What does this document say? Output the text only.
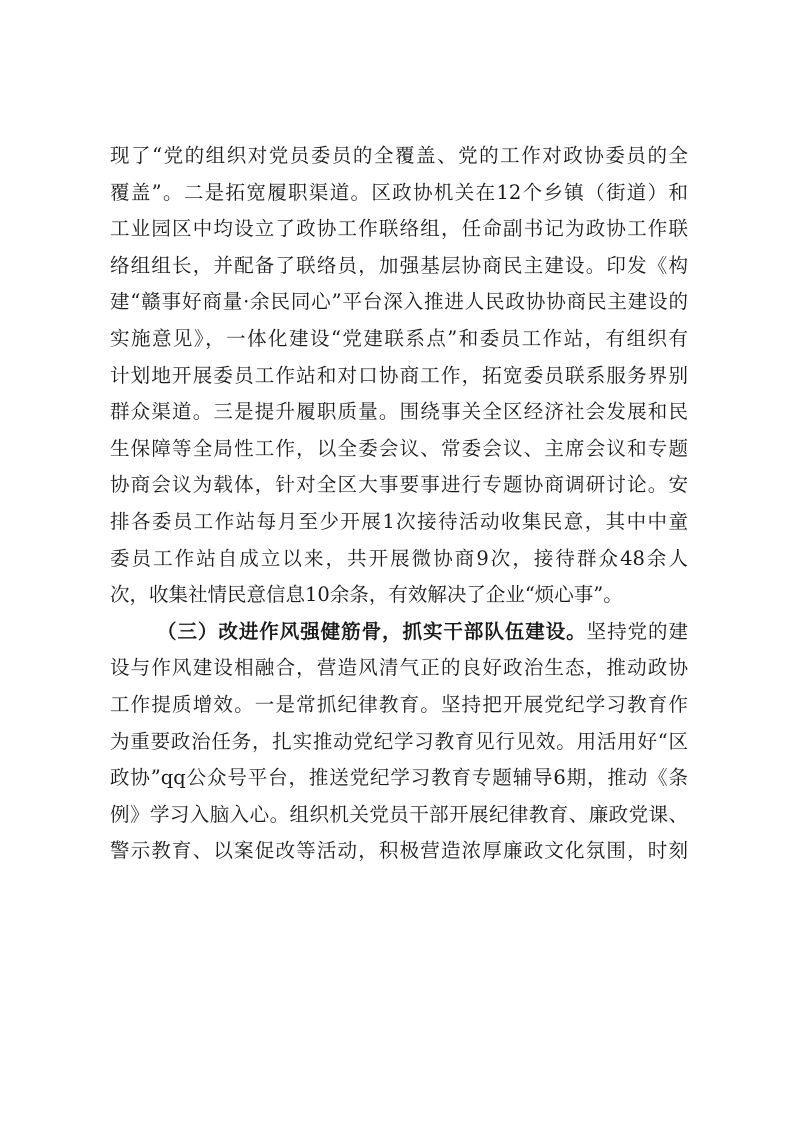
现了“党的组织对党员委员的全覆盖、党的工作对政协委员的全
覆盖”。二是拓宽履职渠道。区政协机关在12个乡镇（街道）和
工业园区中均设立了政协工作联络组，任命副书记为政协工作联
络组组长，并配备了联络员，加强基层协商民主建设。印发《构
建“赣事好商量·余民同心”平台深入推进人民政协协商民主建设的
实施意见》，一体化建设“党建联系点”和委员工作站，有组织有
计划地开展委员工作站和对口协商工作，拓宽委员联系服务界别
群众渠道。三是提升履职质量。围绕事关全区经济社会发展和民
生保障等全局性工作，以全委会议、常委会议、主席会议和专题
协商会议为载体，针对全区大事要事进行专题协商调研讨论。安
排各委员工作站每月至少开展1次接待活动收集民意，其中中童
委员工作站自成立以来，共开展微协商9次，接待群众48余人
次，收集社情民意信息10余条，有效解决了企业“烦心事”。
（三）改进作风强健筋骨，抓实干部队伍建设。坚持党的建
设与作风建设相融合，营造风清气正的良好政治生态，推动政协
工作提质增效。一是常抓纪律教育。坚持把开展党纪学习教育作
为重要政治任务，扎实推动党纪学习教育见行见效。用活用好“区
政协”qq公众号平台，推送党纪学习教育专题辅导6期，推动《条
例》学习入脑入心。组织机关党员干部开展纪律教育、廉政党课、
警示教育、以案促改等活动，积极营造浓厚廉政文化氛围，时刻
